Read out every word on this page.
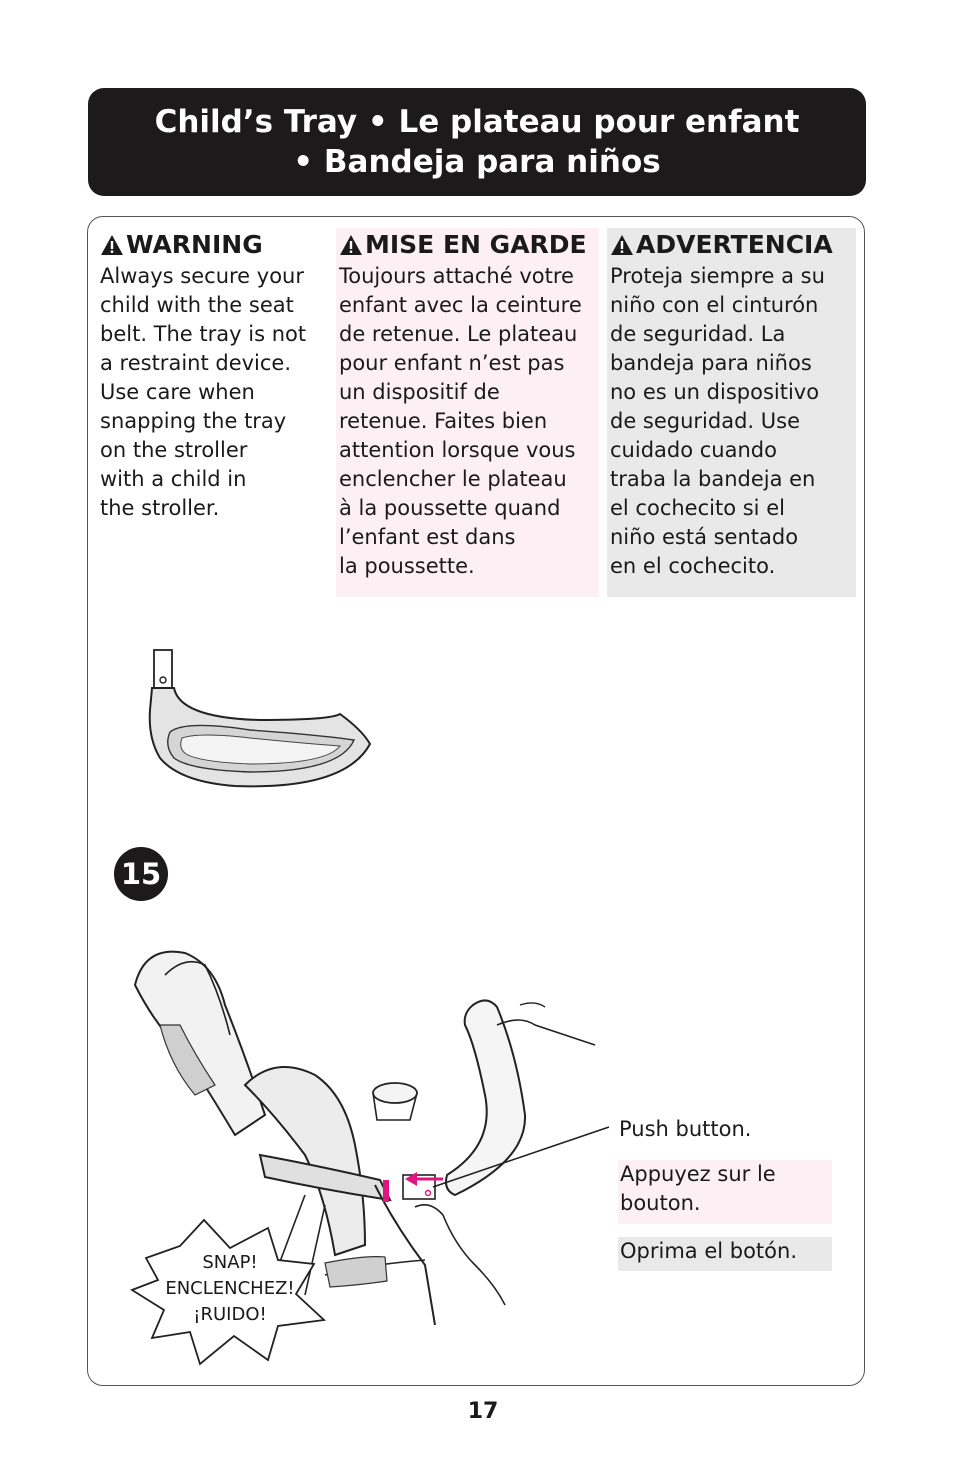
Child’s Tray • Le plateau pour enfant
• Bandeja para niños
WARNING

Always secure your
child with the seat
belt. The tray is not
a restraint device.
Use care when
snapping the tray
on the stroller
with a child in
the stroller.

MISE EN GARDE

Toujours attaché votre
enfant avec la ceinture
de retenue. Le plateau
pour enfant n’est pas
un dispositif de
retenue. Faites bien
attention lorsque vous
enclencher le plateau
à la poussette quand
l’enfant est dans
la poussette.

ADVERTENCIA

Proteja siempre a su
niño con el cinturón
de seguridad. La
bandeja para niños
no es un dispositivo
de seguridad. Use
cuidado cuando
traba la bandeja en
el cochecito si el
niño está sentado
en el cochecito.

15
SNAP!
ENCLENCHEZ!
¡RUIDO!
Push button.
Appuyez sur le
bouton.
Oprima el botón.
17
